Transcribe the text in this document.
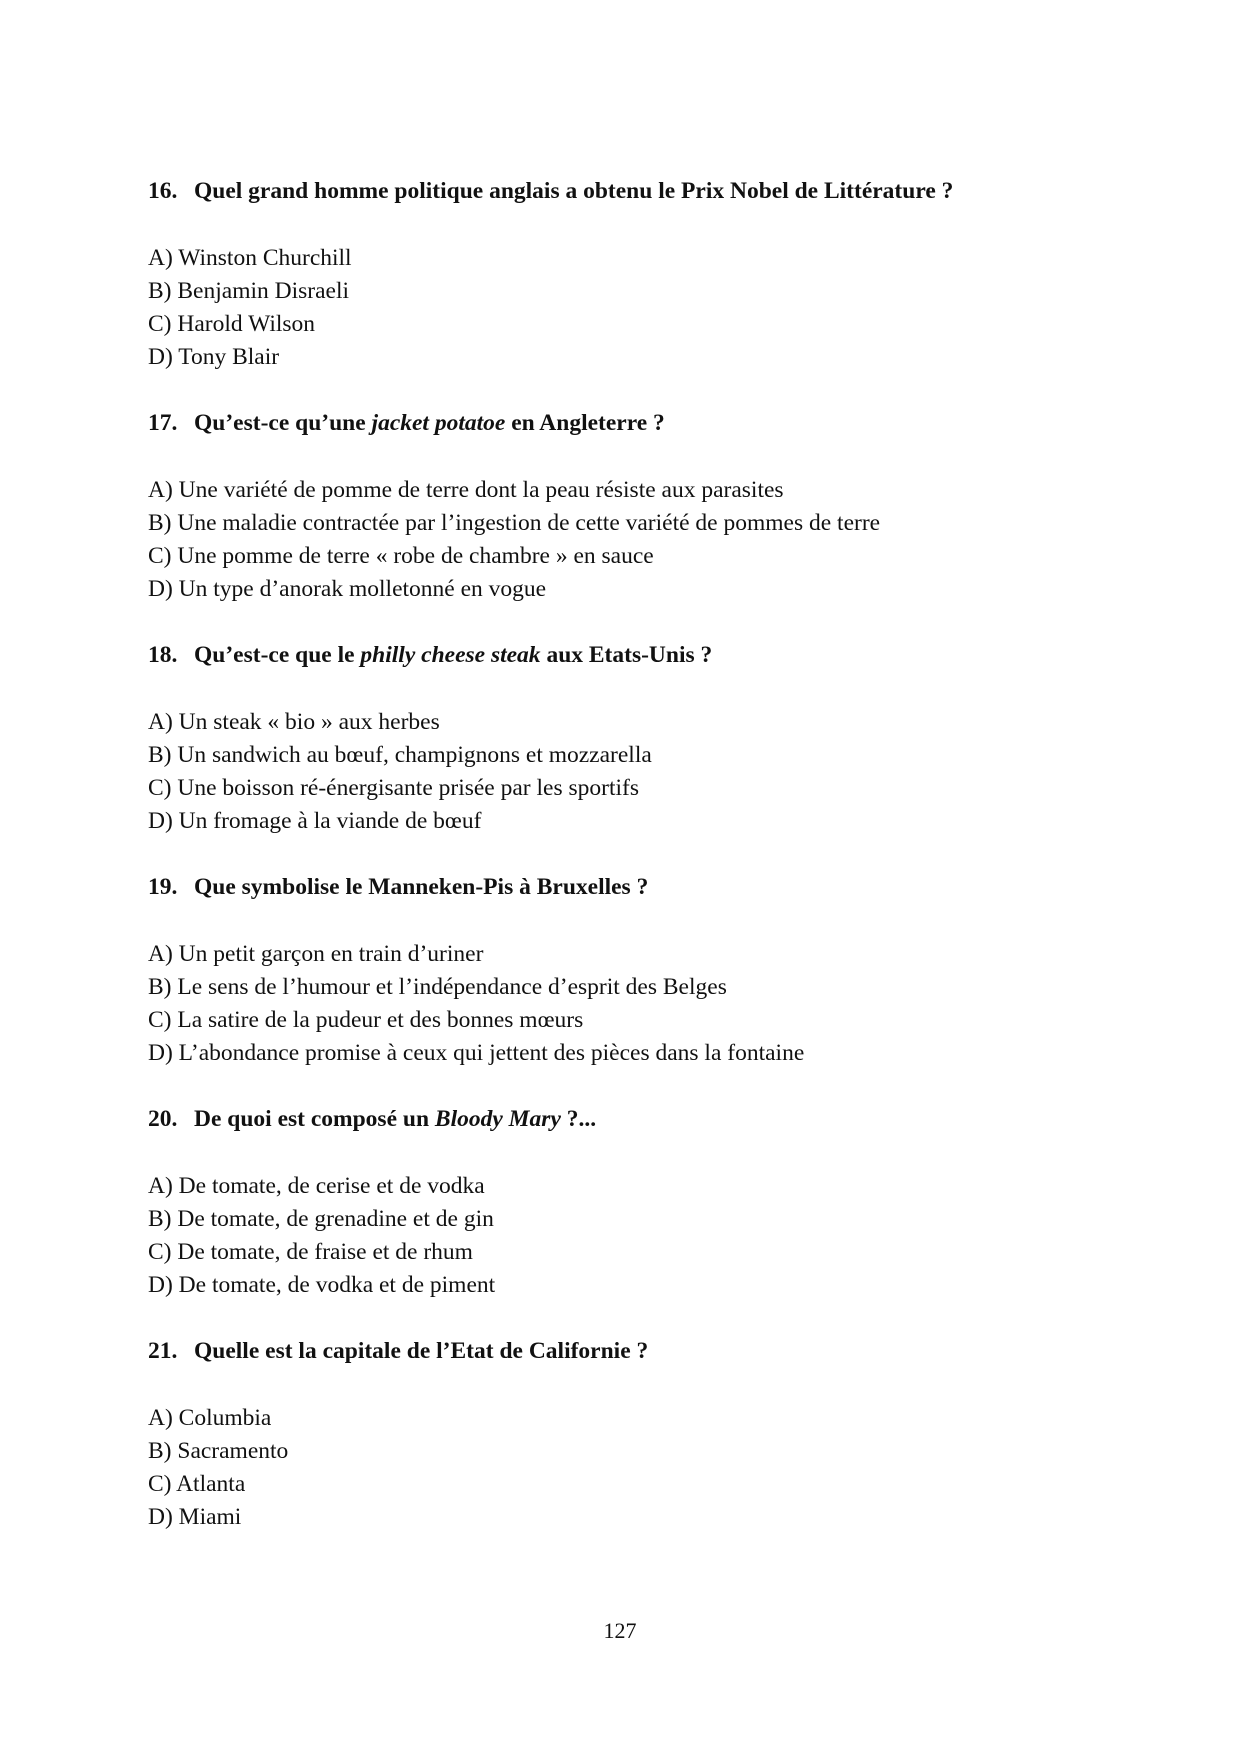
16. Quel grand homme politique anglais a obtenu le Prix Nobel de Littérature ?
A) Winston Churchill
B) Benjamin Disraeli
C) Harold Wilson
D) Tony Blair
17. Qu’est-ce qu’une jacket potatoe en Angleterre ?
A) Une variété de pomme de terre dont la peau résiste aux parasites
B) Une maladie contractée par l’ingestion de cette variété de pommes de terre
C) Une pomme de terre « robe de chambre » en sauce
D) Un type d’anorak molletonné en vogue
18. Qu’est-ce que le philly cheese steak aux Etats-Unis ?
A) Un steak « bio » aux herbes
B) Un sandwich au bœuf, champignons et mozzarella
C) Une boisson ré-énergisante prisée par les sportifs
D) Un fromage à la viande de bœuf
19. Que symbolise le Manneken-Pis à Bruxelles ?
A) Un petit garçon en train d’uriner
B) Le sens de l’humour et l’indépendance d’esprit des Belges
C) La satire de la pudeur et des bonnes mœurs
D) L’abondance promise à ceux qui jettent des pièces dans la fontaine
20. De quoi est composé un Bloody Mary ?...
A) De tomate, de cerise et de vodka
B) De tomate, de grenadine et de gin
C) De tomate, de fraise et de rhum
D) De tomate, de vodka et de piment
21. Quelle est la capitale de l’Etat de Californie ?
A) Columbia
B) Sacramento
C) Atlanta
D) Miami
127
